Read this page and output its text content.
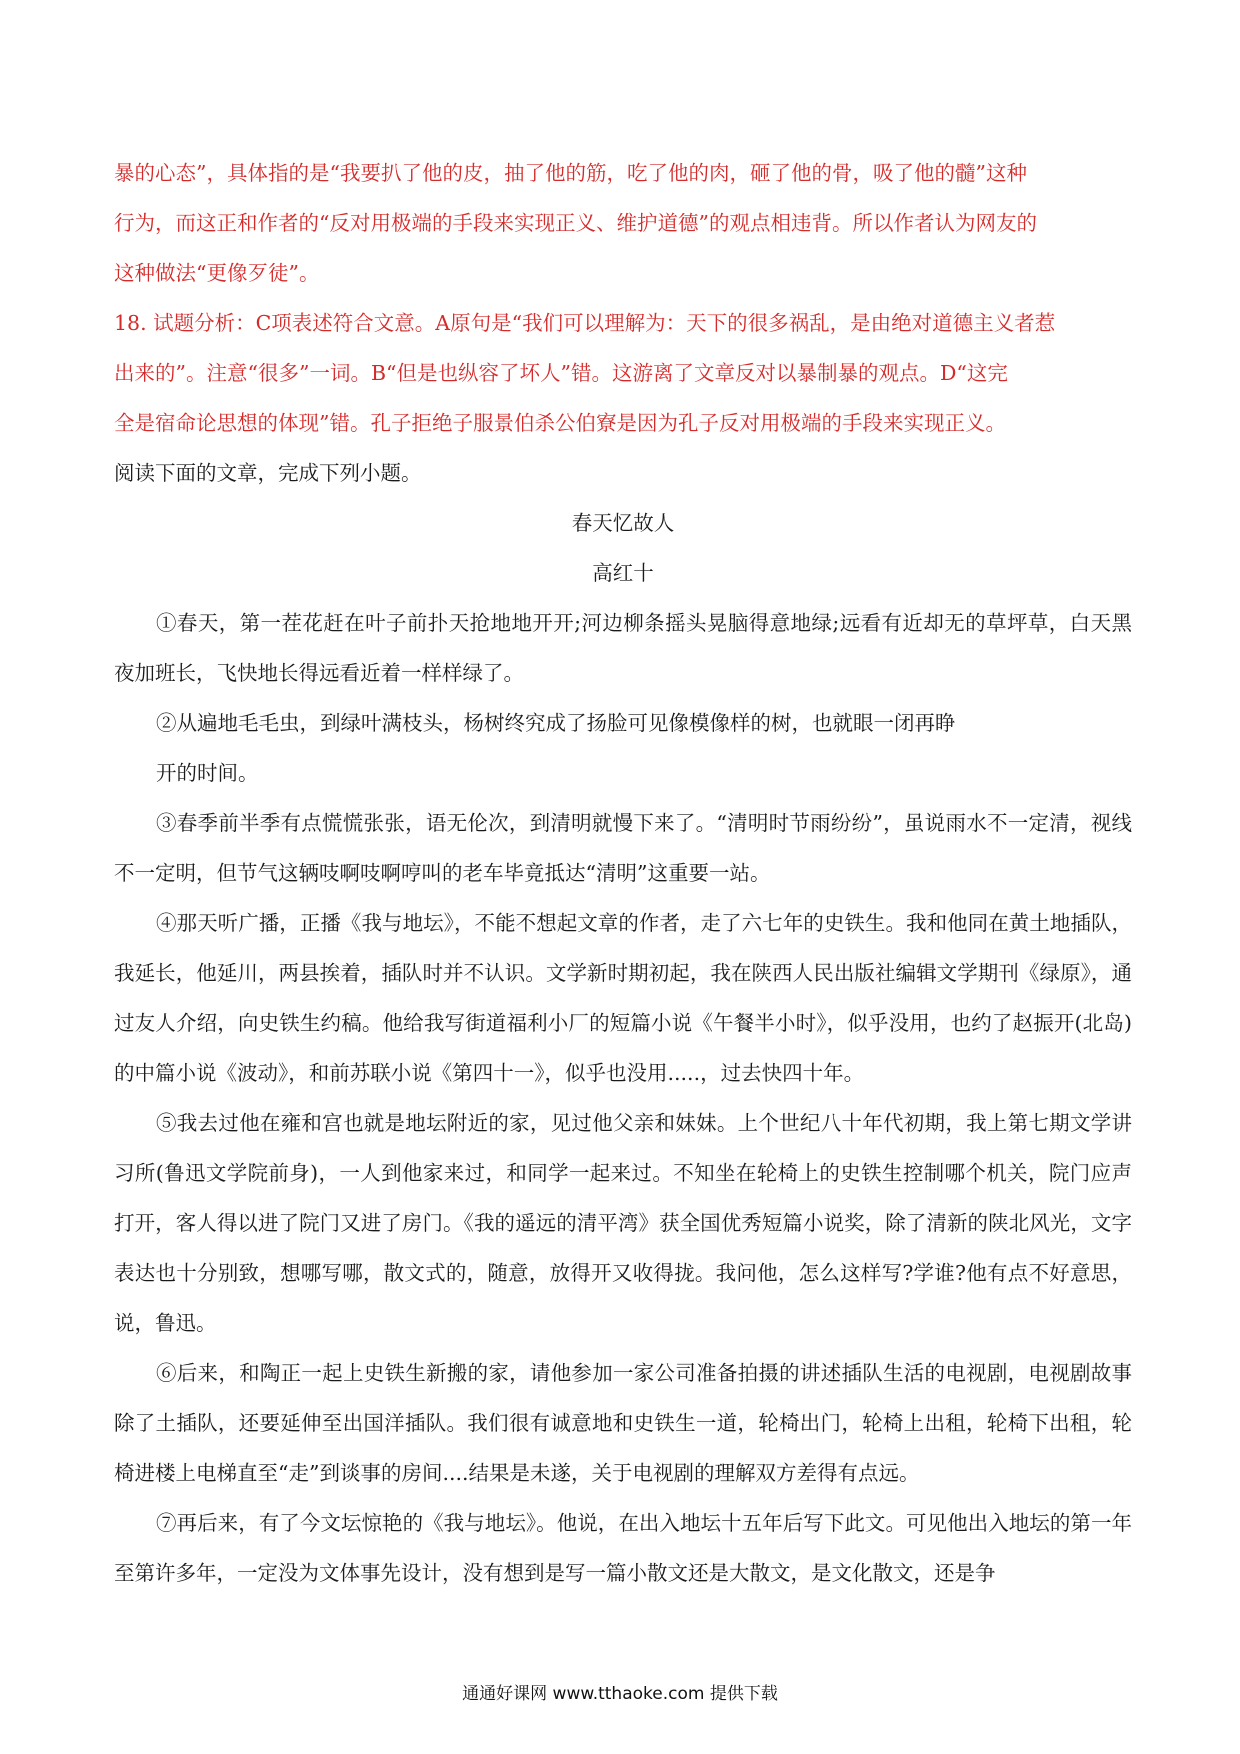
暴的心态”，具体指的是“我要扒了他的皮，抽了他的筋，吃了他的肉，砸了他的骨，吸了他的髓”这种
行为，而这正和作者的“反对用极端的手段来实现正义、维护道德”的观点相违背。所以作者认为网友的
这种做法“更像歹徒”。
18. 试题分析：C项表述符合文意。A原句是“我们可以理解为：天下的很多祸乱，是由绝对道德主义者惹
出来的”。注意“很多”一词。B“但是也纵容了坏人”错。这游离了文章反对以暴制暴的观点。D“这完
全是宿命论思想的体现”错。孔子拒绝子服景伯杀公伯寮是因为孔子反对用极端的手段来实现正义。
阅读下面的文章，完成下列小题。
春天忆故人
高红十

①春天，第一茬花赶在叶子前扑天抢地地开开;河边柳条摇头晃脑得意地绿;远看有近却无的草坪草，白天黑夜加班长，飞快地长得远看近着一样样绿了。

②从遍地毛毛虫，到绿叶满枝头，杨树终究成了扬脸可见像模像样的树，也就眼一闭再睁

开的时间。

③春季前半季有点慌慌张张，语无伦次，到清明就慢下来了。“清明时节雨纷纷”，虽说雨水不一定清，视线不一定明，但节气这辆吱啊吱啊哼叫的老车毕竟抵达“清明”这重要一站。

④那天听广播，正播《我与地坛》，不能不想起文章的作者，走了六七年的史铁生。我和他同在黄土地插队，我延长，他延川，两县挨着，插队时并不认识。文学新时期初起，我在陕西人民出版社编辑文学期刊《绿原》，通过友人介绍，向史铁生约稿。他给我写街道福利小厂的短篇小说《午餐半小时》，似乎没用，也约了赵振开(北岛)的中篇小说《波动》，和前苏联小说《第四十一》，似乎也没用.....，过去快四十年。

⑤我去过他在雍和宫也就是地坛附近的家，见过他父亲和妹妹。上个世纪八十年代初期，我上第七期文学讲习所(鲁迅文学院前身)，一人到他家来过，和同学一起来过。不知坐在轮椅上的史铁生控制哪个机关，院门应声打开，客人得以进了院门又进了房门。《我的遥远的清平湾》获全国优秀短篇小说奖，除了清新的陕北风光，文字表达也十分别致，想哪写哪，散文式的，随意，放得开又收得拢。我问他，怎么这样写?学谁?他有点不好意思，说，鲁迅。

⑥后来，和陶正一起上史铁生新搬的家，请他参加一家公司准备拍摄的讲述插队生活的电视剧，电视剧故事除了土插队，还要延伸至出国洋插队。我们很有诚意地和史铁生一道，轮椅出门，轮椅上出租，轮椅下出租，轮椅进楼上电梯直至“走”到谈事的房间....结果是未遂，关于电视剧的理解双方差得有点远。

⑦再后来，有了今文坛惊艳的《我与地坛》。他说，在出入地坛十五年后写下此文。可见他出入地坛的第一年至第许多年，一定没为文体事先设计，没有想到是写一篇小散文还是大散文，是文化散文，还是争

通通好课网 www.tthaoke.com 提供下载
